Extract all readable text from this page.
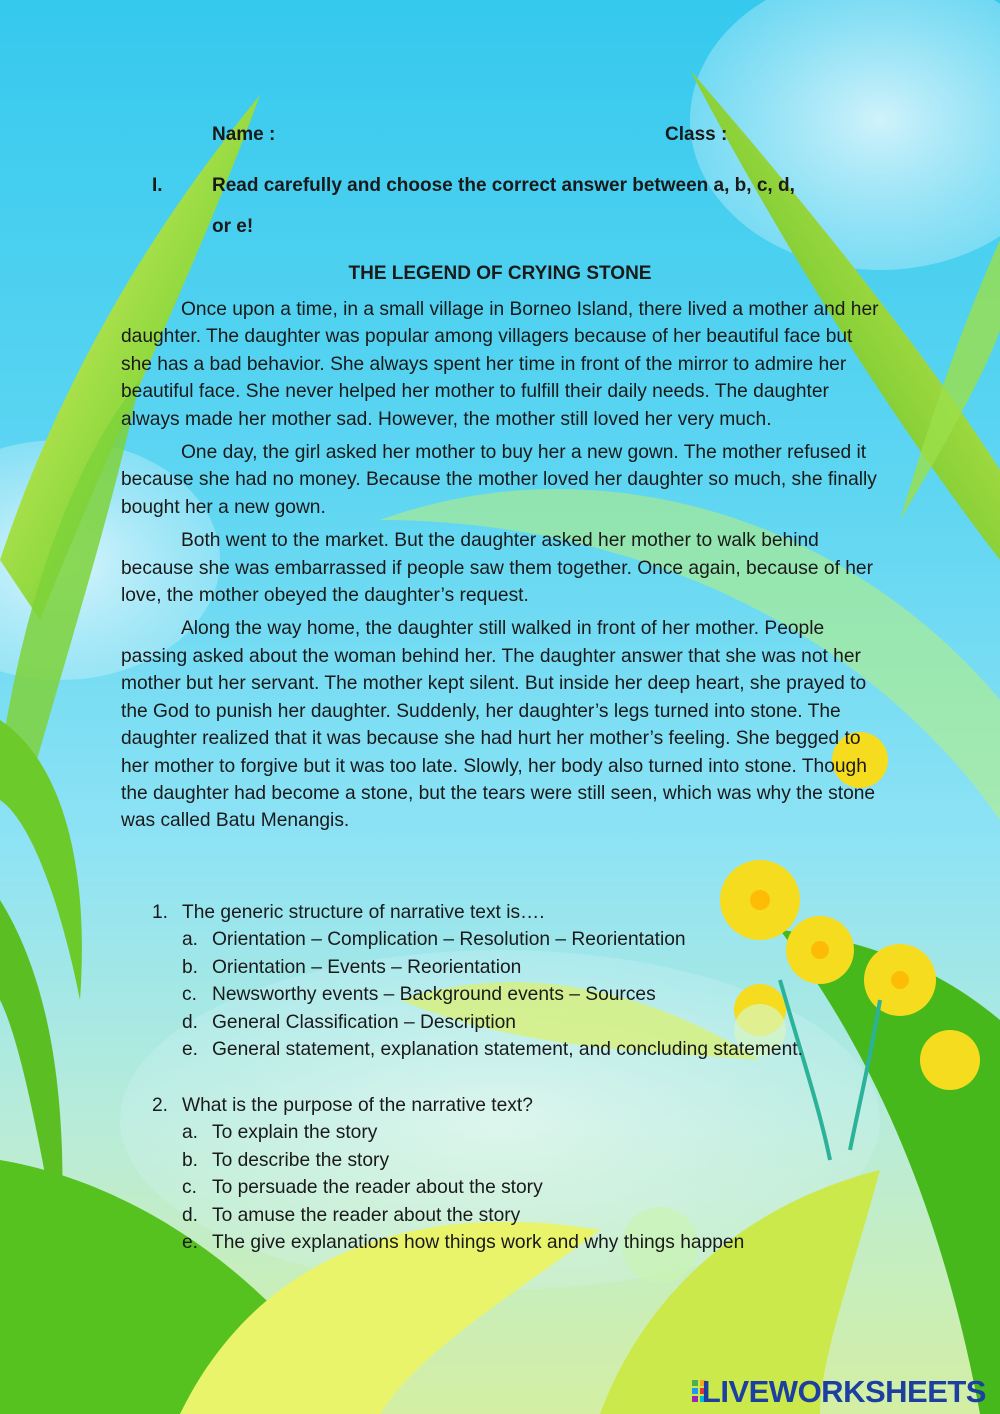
Name :	Class :

I.	Read carefully and choose the correct answer between a, b, c, d,

or e!

THE LEGEND OF CRYING STONE

Once upon a time, in a small village in Borneo Island, there lived a mother and her daughter. The daughter was popular among villagers because of her beautiful face but she has a bad behavior. She always spent her time in front of the mirror to admire her beautiful face. She never helped her mother to fulfill their daily needs. The daughter always made her mother sad. However, the mother still loved her very much.

One day, the girl asked her mother to buy her a new gown. The mother refused it because she had no money. Because the mother loved her daughter so much, she finally bought her a new gown.

Both went to the market. But the daughter asked her mother to walk behind because she was embarrassed if people saw them together. Once again, because of her love, the mother obeyed the daughter’s request.

Along the way home, the daughter still walked in front of her mother. People passing asked about the woman behind her. The daughter answer that she was not her mother but her servant. The mother kept silent. But inside her deep heart, she prayed to the God to punish her daughter. Suddenly, her daughter’s legs turned into stone. The daughter realized that it was because she had hurt her mother’s feeling. She begged to her mother to forgive but it was too late. Slowly, her body also turned into stone. Though the daughter had become a stone, but the tears were still seen, which was why the stone was called Batu Menangis.

1. The generic structure of narrative text is….
a. Orientation – Complication – Resolution – Reorientation
b. Orientation – Events – Reorientation
c. Newsworthy events – Background events – Sources
d. General Classification – Description
e. General statement, explanation statement, and concluding statement.
2. What is the purpose of the narrative text?
a. To explain the story
b. To describe the story
c. To persuade the reader about the story
d. To amuse the reader about the story
e. The give explanations how things work and why things happen
LIVEWORKSHEETS
